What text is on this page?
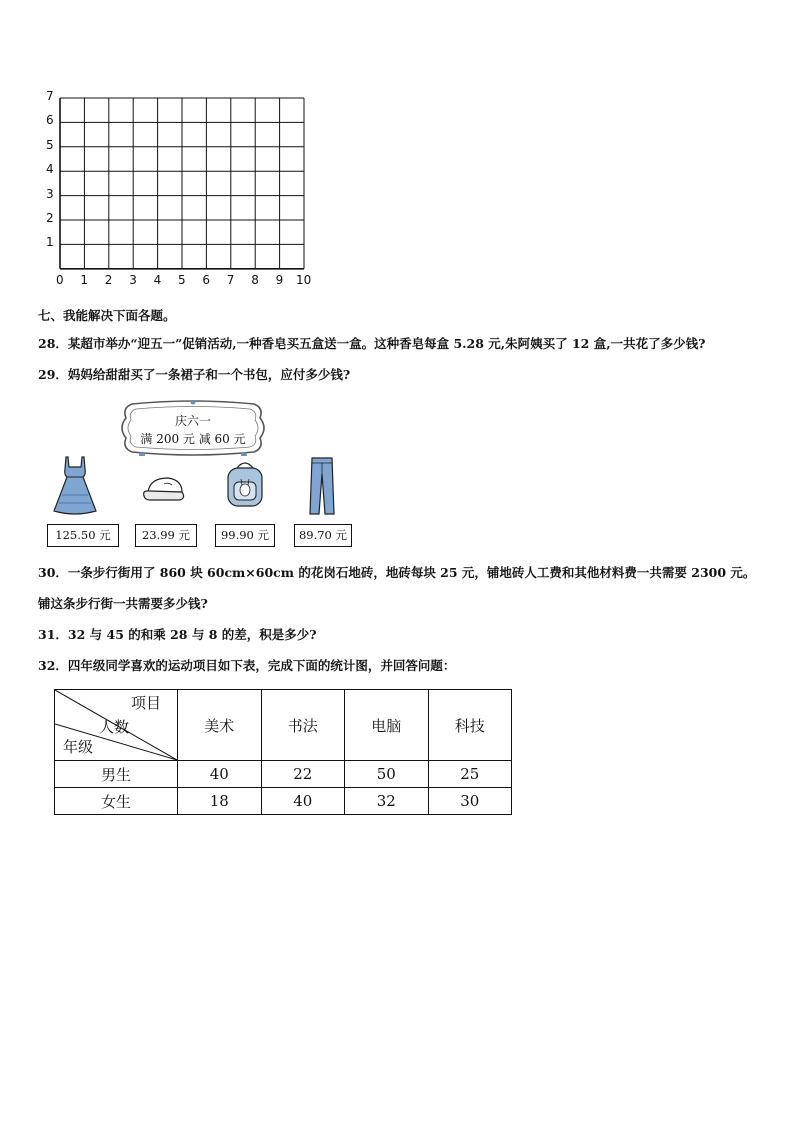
7
6
5
4
3
2
1
0 1 2 3 4 5 6 7 8 9 10
七、我能解决下面各题。
28．某超市举办“迎五一”促销活动,一种香皂买五盒送一盒。这种香皂每盒 5.28 元,朱阿姨买了 12 盒,一共花了多少钱?
29．妈妈给甜甜买了一条裙子和一个书包，应付多少钱?
庆六一
满 200 元 减 60 元
125.50 元	23.99 元	99.90 元	89.70 元
30．一条步行街用了 860 块 60cm×60cm 的花岗石地砖，地砖每块 25 元，铺地砖人工费和其他材料费一共需要 2300 元。
铺这条步行街一共需要多少钱?
31．32 与 45 的和乘 28 与 8 的差，积是多少?
32．四年级同学喜欢的运动项目如下表，完成下面的统计图，并回答问题：
项目
人数
年级	美术	书法	电脑	科技
男生	40	22	50	25
女生	18	40	32	30
